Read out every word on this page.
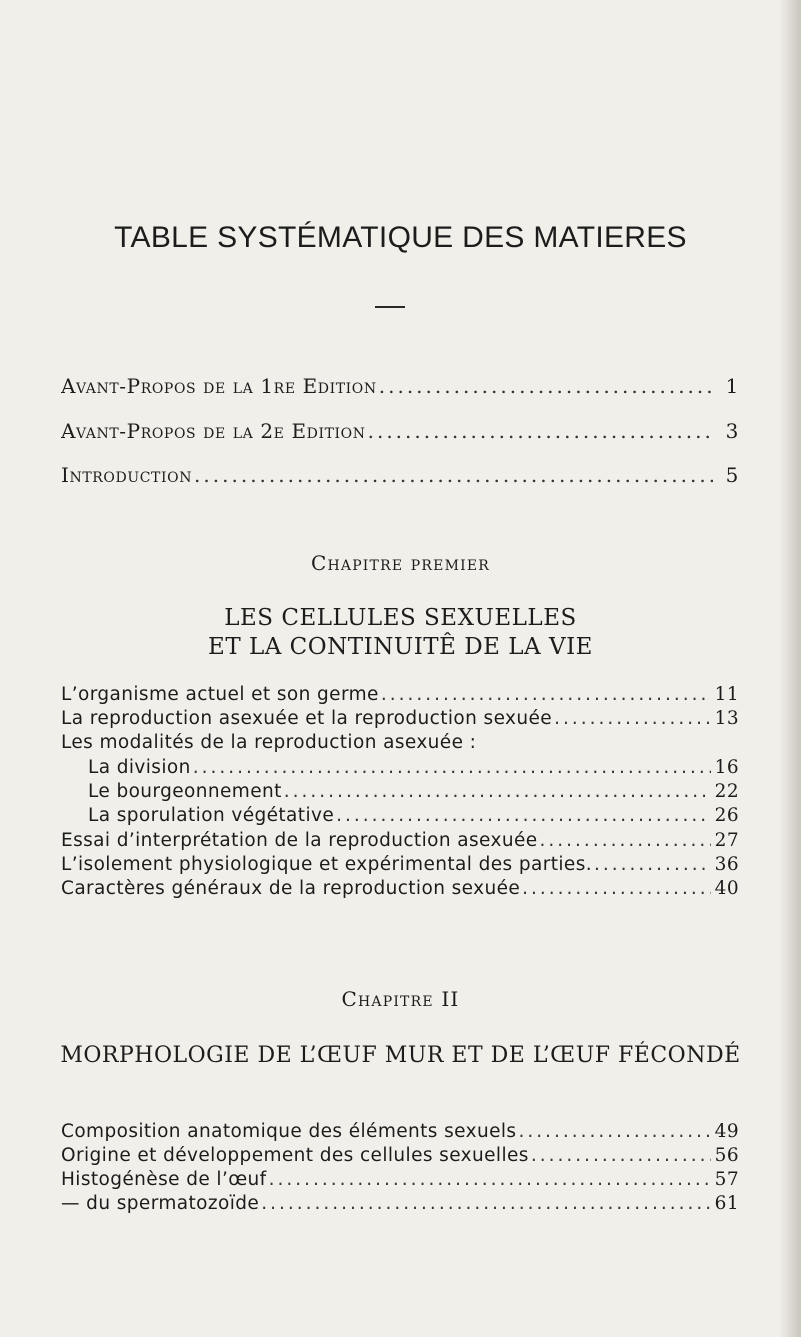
TABLE SYSTÉMATIQUE DES MATIERES
Avant-Propos de la 1re Edition .....	1
Avant-Propos de la 2e Edition .....	3
Introduction .....	5
Chapitre premier
LES CELLULES SEXUELLES
ET LA CONTINUITÊ DE LA VIE
L’organisme actuel et son germe .....	11
La reproduction asexuée et la reproduction sexuée .....	13
Les modalités de la reproduction asexuée :
La division .....	16
Le bourgeonnement .....	22
La sporulation végétative .....	26
Essai d’interprétation de la reproduction asexuée .....	27
L’isolement physiologique et expérimental des parties. .....	36
Caractères généraux de la reproduction sexuée .....	40
Chapitre II
MORPHOLOGIE DE L’ŒUF MUR ET DE L’ŒUF FÉCONDÉ
Composition anatomique des éléments sexuels .....	49
Origine et développement des cellules sexuelles .....	56
Histogénèse de l’œuf .....	57
— du spermatozoïde .....	61
